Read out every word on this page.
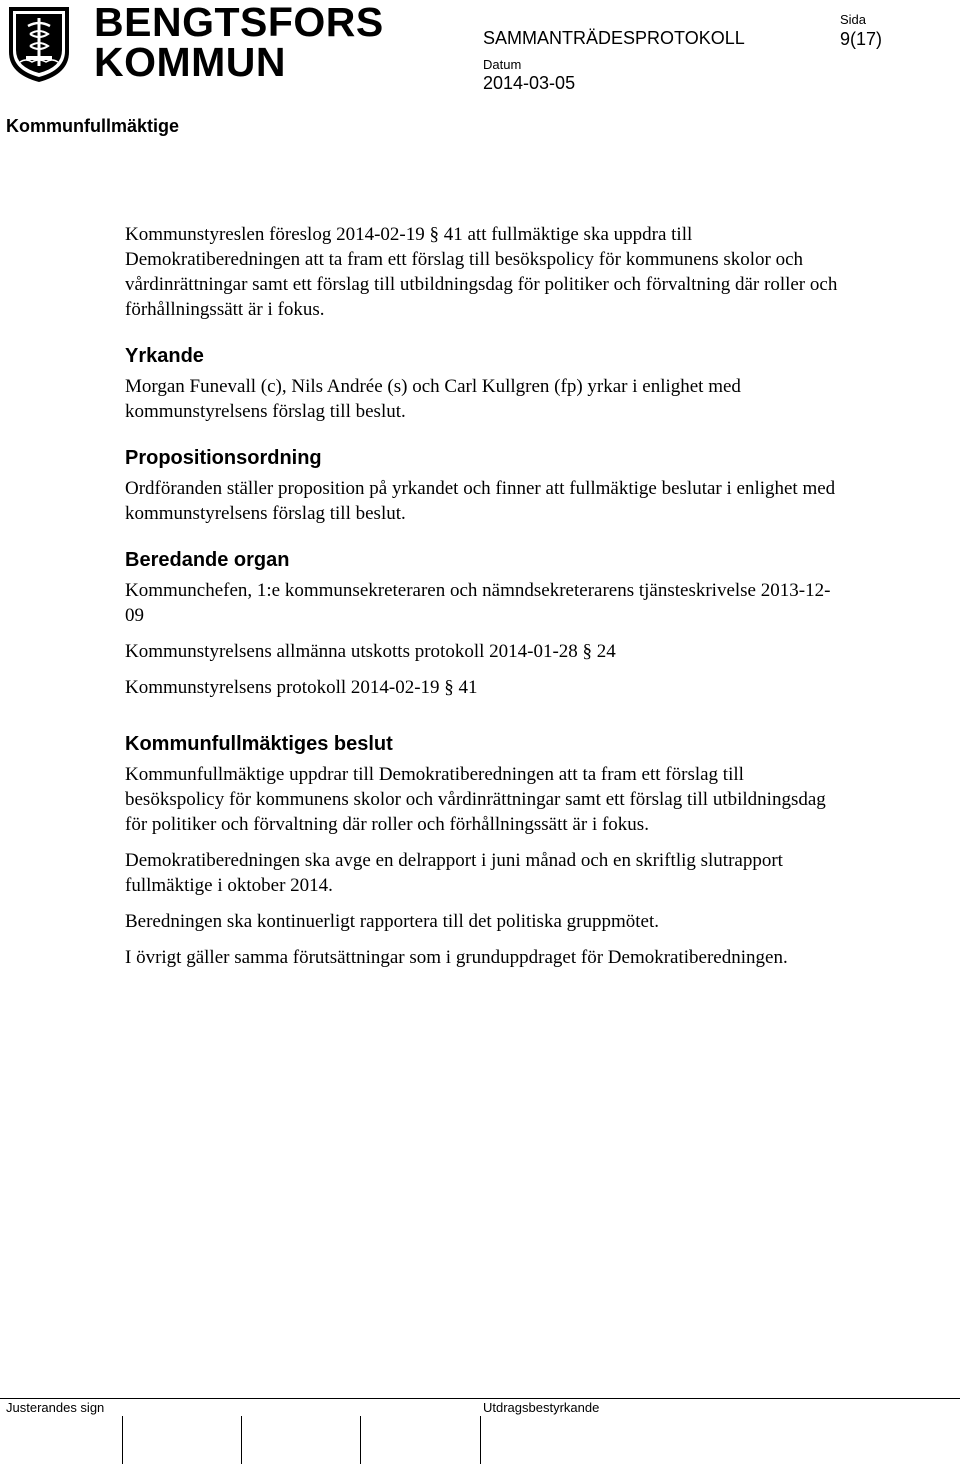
BENGTSFORS
KOMMUN
SAMMANTRÄDESPROTOKOLL
Sida
9(17)
Datum
2014-03-05
Kommunfullmäktige

Kommunstyreslen föreslog 2014-02-19 § 41 att fullmäktige ska uppdra till Demokratiberedningen att ta fram ett förslag till besökspolicy för kommunens skolor och vårdinrättningar samt ett förslag till utbildningsdag för politiker och förvaltning där roller och förhållningssätt är i fokus.

Yrkande

Morgan Funevall (c), Nils Andrée (s) och Carl Kullgren (fp) yrkar i enlighet med kommunstyrelsens förslag till beslut.

Propositionsordning

Ordföranden ställer proposition på yrkandet och finner att fullmäktige beslutar i enlighet med kommunstyrelsens förslag till beslut.

Beredande organ

Kommunchefen, 1:e kommunsekreteraren och nämndsekreterarens tjänsteskrivelse 2013-12-09

Kommunstyrelsens allmänna utskotts protokoll 2014-01-28 § 24

Kommunstyrelsens protokoll 2014-02-19 § 41

Kommunfullmäktiges beslut

Kommunfullmäktige uppdrar till Demokratiberedningen att ta fram ett förslag till besökspolicy för kommunens skolor och vårdinrättningar samt ett förslag till utbildningsdag för politiker och förvaltning där roller och förhållningssätt är i fokus.

Demokratiberedningen ska avge en delrapport i juni månad och en skriftlig slutrapport fullmäktige i oktober 2014.

Beredningen ska kontinuerligt rapportera till det politiska gruppmötet.

I övrigt gäller samma förutsättningar som i grunduppdraget för Demokratiberedningen.

Justerandes sign	Utdragsbestyrkande
